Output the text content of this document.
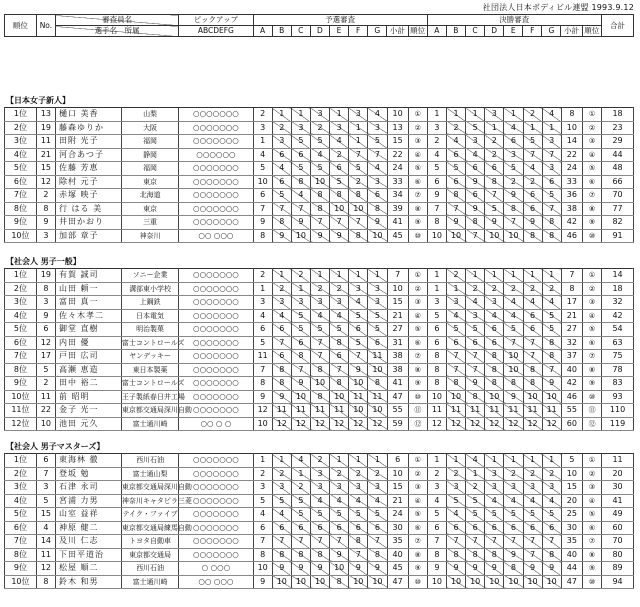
社団法人日本ボディビル連盟 1993.9.12
順位	No.	審査員名	ピックアップ	予選審査									決勝審査									合計
		選手名　 所属	ABCDEFG	A	B	C	D	E	F	G	小計	順位	A	B	C	D	E	F	G	小計	順位	

【日本女子新人】
1位	13	樋口 美香	山梨	○○○○○○○	2	1	1	3	1	3	4	10	①	1	1	1	3	1	2	4	8	①	18
2位	19	藤森ゆりか	大阪	○○○○○○○	3	2	3	2	3	1	3	13	②	3	2	5	1	4	1	1	10	②	23
3位	11	田附 光子	福岡	○○○○○○○	1	3	5	5	4	1	5	15	③	2	4	3	2	6	5	3	14	③	29
4位	21	河合あつ子	静岡	○○○○○○	4	6	6	4	2	7	7	22	④	4	6	4	2	3	7	7	22	④	44
5位	15	佐藤 芳恵	福岡	○○○○○○○	5	4	5	5	6	5	4	24	⑤	5	5	6	6	5	4	3	24	⑤	48
6位	12	除村 元子	東京	○○○○○○○	10	6	8	10	5	2	3	33	⑥	6	6	9	8	2	2	6	33	⑥	66
7位	2	赤塚 映子	北海道	○○○○○○○	6	5	4	8	8	8	6	34	⑦	9	8	6	7	9	6	5	36	⑦	70
8位	8	行 はる 美	東京	○○○○○○○	7	7	7	8	10	10	8	39	⑧	7	7	9	5	8	6	7	38	⑧	77
9位	9	井田かおり	三重	○○○○○○○	9	8	9	7	7	7	9	41	⑨	8	9	8	9	7	9	8	42	⑨	82
10位	3	加部 章子	神奈川	○○ ○○○	8	9	10	9	9	8	10	45	⑩	10	10	7	10	10	8	8	46	⑩	91
【社会人 男子一般】
1位	19	有賀 誠司	ソニー企業	○○○○○○○	2	1	2	1	1	1	1	7	①	1	2	1	1	1	1	1	7	①	14
2位	8	山田 頼一	溝部東小学校	○○○○○○○	1	2	1	2	2	3	3	10	②	1	1	2	2	2	2	2	8	②	18
3位	3	富田 真一	上鋼鉄	○○○○○○○	3	3	3	3	3	4	3	15	③	3	3	4	3	4	4	4	17	③	32
4位	9	佐々木孝二	日本電気	○○○○○○○	4	4	5	4	4	5	5	21	④	5	4	3	4	4	6	5	21	④	42
5位	6	御堂 直樹	明治製菓	○○○○○○○	6	6	5	5	5	6	5	27	⑤	6	5	5	6	5	6	5	27	⑤	54
6位	12	内田 優	富士コントロールズ	○○○○○○○	5	7	6	7	8	5	6	31	⑥	6	6	6	6	7	7	8	32	⑥	63
7位	17	戸田 広司	ヤンデッキー	○○○○○○○	11	6	8	7	6	7	11	38	⑦	8	7	7	8	10	7	8	37	⑦	75
8位	5	高瀬 恵造	東日本製薬	○○○○○○○	7	8	7	8	7	9	10	38	⑧	8	7	7	8	10	8	7	40	⑧	78
9位	2	田中 裕二	富士コントロールズ	○○○○○○○	8	8	9	10	8	10	8	41	⑨	8	8	9	8	8	8	9	42	⑨	83
10位	11	前 昭明	王子製紙春日井工場	○○○○○○○	9	9	10	8	10	11	11	47	⑩	10	10	8	10	9	10	10	46	⑩	93
11位	22	金子 光一	東京都交通局深川自動	○○○○○○○	12	11	11	11	11	10	10	55	⑪	11	11	11	11	11	11	11	55	⑪	110
12位	10	池田 元久	富士通川崎	○○ ○ ○	10	12	12	12	12	12	12	59	⑫	12	12	12	12	12	12	12	60	⑫	119
【社会人 男子マスターズ】
1位	6	東海林 徹	西川石油	○○○○○○○	1	1	4	2	1	1	1	6	①	1	1	4	1	1	1	1	5	①	11
2位	7	登坂 勉	富士通山梨	○○○○○○○	2	2	1	3	2	2	2	10	②	2	2	1	3	2	2	2	10	②	20
3位	3	石津 永司	東京都交通局深川自動	○○○○○○○	3	3	2	3	3	3	3	15	③	3	3	2	3	3	3	3	15	③	30
4位	5	宮浦 力男	神奈川キャタピラ三菱	○○○○○○○	5	5	5	4	4	4	4	21	④	4	5	5	4	4	4	4	20	④	41
5位	15	山室 益祥	テイク・ファイブ	○○○○○○○	4	4	5	5	5	5	5	24	⑤	5	4	5	5	5	5	5	25	⑤	49
6位	4	神原 健二	東京都交通局練馬自動	○○○○○○○	6	6	6	6	6	6	6	30	⑥	6	6	6	6	6	6	6	30	⑥	60
7位	14	及川 仁志	トヨタ自動車	○○○○○○○	7	7	7	7	7	8	7	35	⑦	7	7	7	7	7	7	7	35	⑦	70
8位	11	下田平道治	東京都交通局	○○○○○○○	8	8	8	8	9	7	8	40	⑧	8	8	8	8	9	7	8	40	⑧	80
9位	12	松屋 順二	西川石油	○ ○○○	10	9	9	9	10	9	9	45	⑨	9	9	9	9	8	9	9	44	⑨	89
10位	8	鈴木 和男	富士通川崎	○○ ○○○	9	10	10	10	8	10	10	47	⑩	10	10	10	10	10	10	10	47	⑩	94
